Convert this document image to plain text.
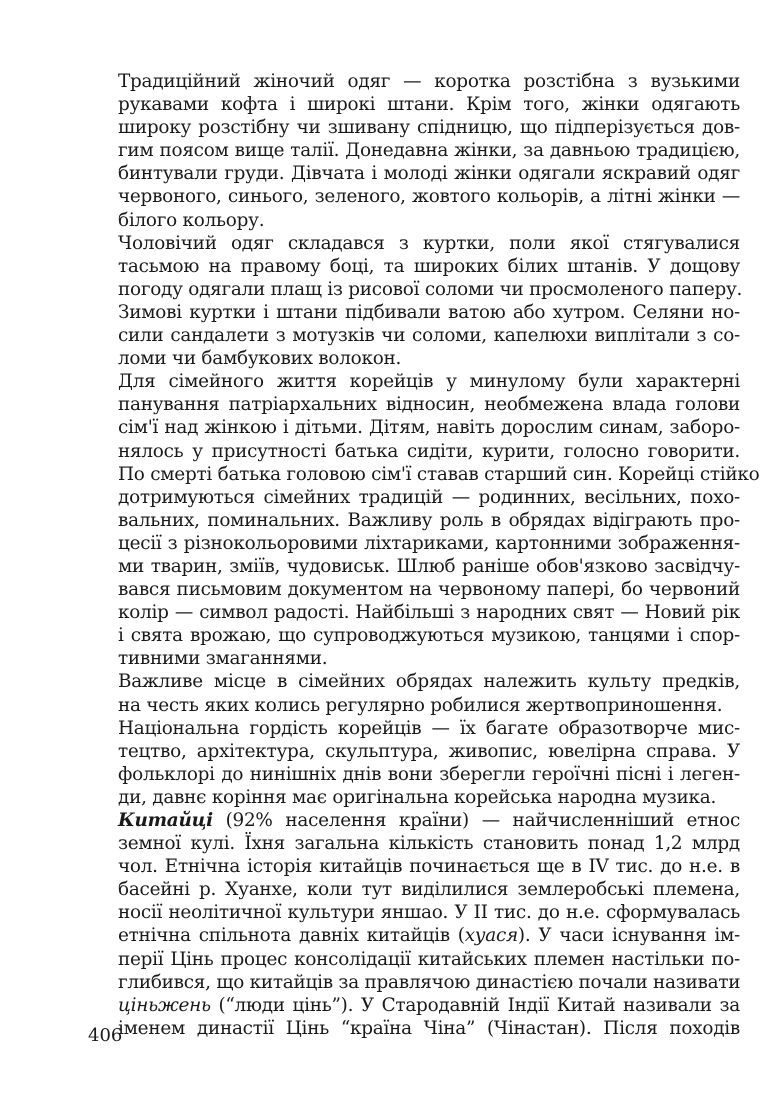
Традиційний жіночий одяг — коротка розстібна з вузькими
рукавами кофта і широкі штани. Крім того, жінки одягають
широку розстібну чи зшивану спідницю, що підперізується дов-
гим поясом вище талії. Донедавна жінки, за давньою традицією,
бинтували груди. Дівчата і молоді жінки одягали яскравий одяг
червоного, синього, зеленого, жовтого кольорів, а літні жінки —
білого кольору.

Чоловічий одяг складався з куртки, поли якої стягувалися
тасьмою на правому боці, та широких білих штанів. У дощову
погоду одягали плащ із рисової соломи чи просмоленого паперу.
Зимові куртки і штани підбивали ватою або хутром. Селяни но-
сили сандалети з мотузків чи соломи, капелюхи виплітали з со-
ломи чи бамбукових волокон.

Для сімейного життя корейців у минулому були характерні
панування патріархальних відносин, необмежена влада голови
сім'ї над жінкою і дітьми. Дітям, навіть дорослим синам, заборо-
нялось у присутності батька сидіти, курити, голосно говорити.
По смерті батька головою сім'ї ставав старший син. Корейці стійко
дотримуються сімейних традицій — родинних, весільних, похо-
вальних, поминальних. Важливу роль в обрядах відіграють про-
цесії з різнокольоровими ліхтариками, картонними зображення-
ми тварин, зміїв, чудовиськ. Шлюб раніше обов'язково засвідчу-
вався письмовим документом на червоному папері, бо червоний
колір — символ радості. Найбільші з народних свят — Новий рік
і свята врожаю, що супроводжуються музикою, танцями і спор-
тивними змаганнями.

Важливе місце в сімейних обрядах належить культу предків,
на честь яких колись регулярно робилися жертвоприношення.

Національна гордість корейців — їх багате образотворче мис-
тецтво, архітектура, скульптура, живопис, ювелірна справа. У
фольклорі до нинішніх днів вони зберегли героїчні пісні і леген-
ди, давнє коріння має оригінальна корейська народна музика.

Китайці (92% населення країни) — найчисленніший етнос
земної кулі. Їхня загальна кількість становить понад 1,2 млрд
чол. Етнічна історія китайців починається ще в IV тис. до н.е. в
басейні р. Хуанхе, коли тут виділилися землеробські племена,
носії неолітичної культури яншао. У II тис. до н.е. сформувалась
етнічна спільнота давніх китайців (хуася). У часи існування ім-
перії Цінь процес консолідації китайських племен настільки по-
глибився, що китайців за правлячою династією почали називати
ціньжень (“люди цінь”). У Стародавній Індії Китай називали за
іменем династії Цінь “країна Чіна” (Чінастан). Після походів

406
